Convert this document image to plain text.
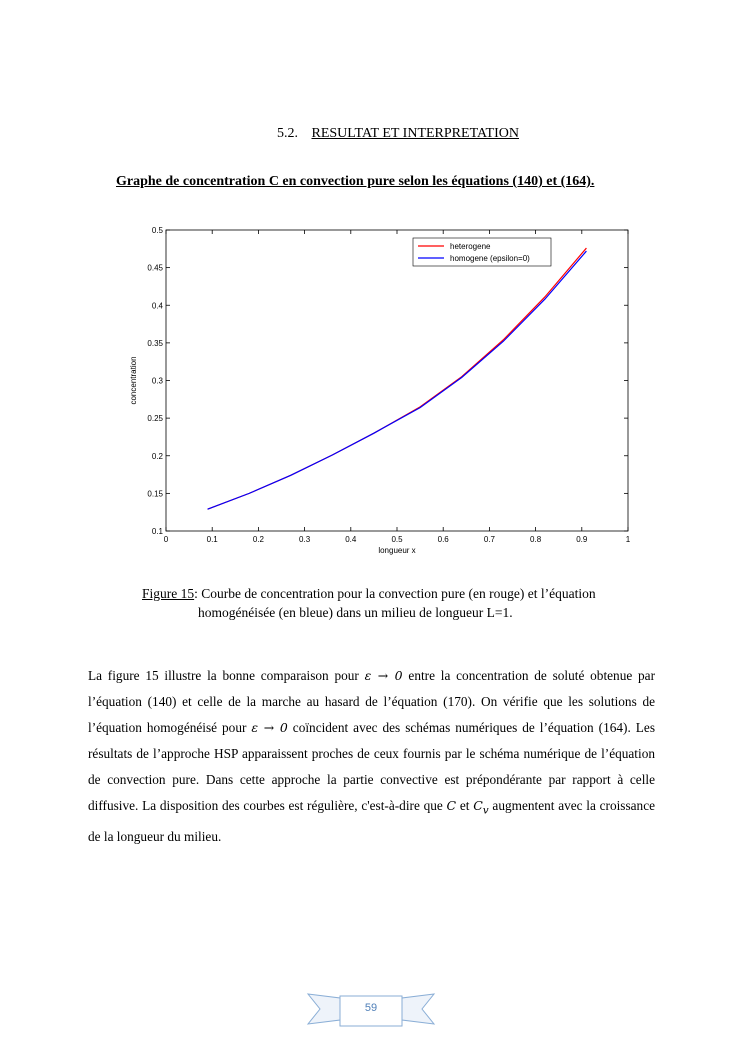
5.2. RESULTAT ET INTERPRETATION
Graphe de concentration C en convection pure selon les équations (140) et (164).
0	0.1	0.2	0.3	0.4	0.5	0.6	0.7	0.8	0.9	1
0.1
0.15
0.2
0.25
0.3
0.35
0.4
0.45
0.5
longueur x
concentration
heterogene
homogene (epsilon=0)
Figure 15: Courbe de concentration pour la convection pure (en rouge) et l’équation
homogénéisée (en bleue) dans un milieu de longueur L=1.

La figure 15 illustre la bonne comparaison pour ε → 0 entre la concentration de soluté obtenue par l’équation (140) et celle de la marche au hasard de l’équation (170). On vérifie que les solutions de l’équation homogénéisé pour ε → 0 coïncident avec des schémas numériques de l’équation (164). Les résultats de l’approche HSP apparaissent proches de ceux fournis par le schéma numérique de l’équation de convection pure. Dans cette approche la partie convective est prépondérante par rapport à celle diffusive. La disposition des courbes est régulière, c'est-à-dire que C et $C_v$ augmentent avec la croissance de la longueur du milieu.

59
